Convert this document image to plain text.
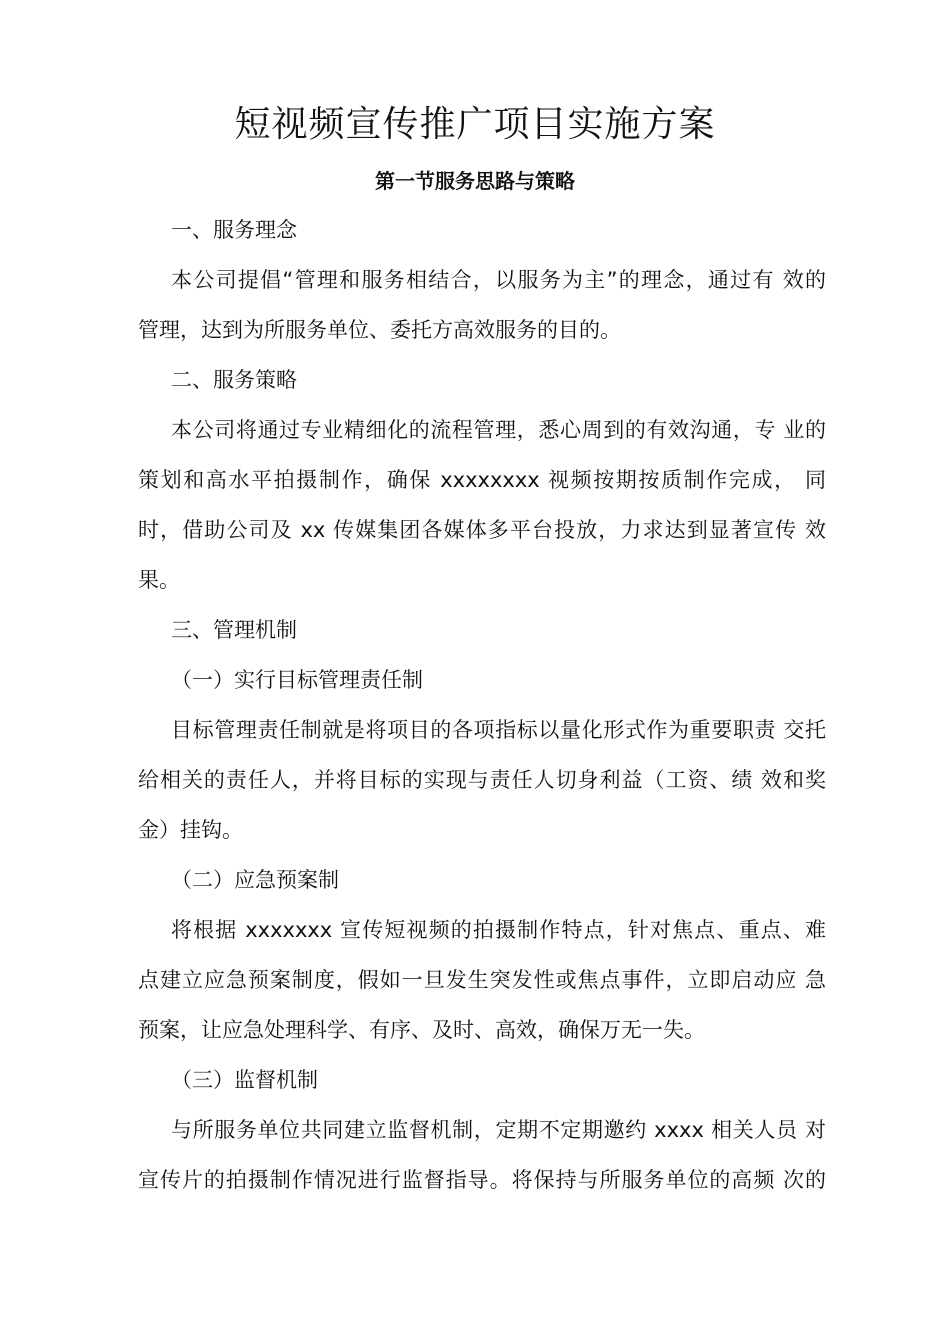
短视频宣传推广项目实施方案
第一节服务思路与策略

一、服务理念

本公司提倡“管理和服务相结合，以服务为主”的理念，通过有 效的

管理，达到为所服务单位、委托方高效服务的目的。

二、服务策略

本公司将通过专业精细化的流程管理，悉心周到的有效沟通，专 业的

策划和高水平拍摄制作，确保 xxxxxxxx 视频按期按质制作完成， 同

时，借助公司及 xx 传媒集团各媒体多平台投放，力求达到显著宣传 效

果。

三、管理机制

（一）实行目标管理责任制

目标管理责任制就是将项目的各项指标以量化形式作为重要职责 交托

给相关的责任人，并将目标的实现与责任人切身利益（工资、绩 效和奖

金）挂钩。

（二）应急预案制

将根据 xxxxxxx 宣传短视频的拍摄制作特点，针对焦点、重点、难

点建立应急预案制度，假如一旦发生突发性或焦点事件，立即启动应 急

预案，让应急处理科学、有序、及时、高效，确保万无一失。

（三）监督机制

与所服务单位共同建立监督机制，定期不定期邀约 xxxx 相关人员 对

宣传片的拍摄制作情况进行监督指导。将保持与所服务单位的高频 次的
